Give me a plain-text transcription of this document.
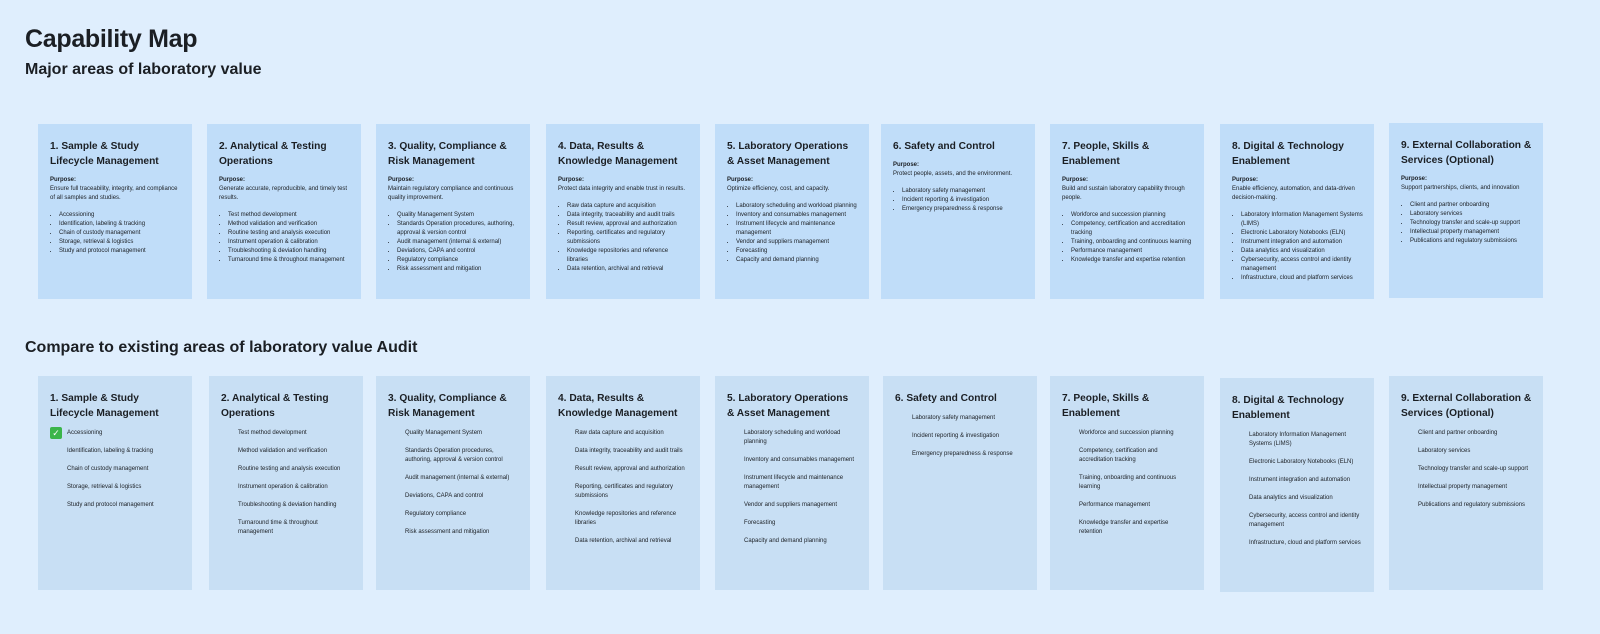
Capability Map
Major areas of laboratory value
Compare to existing areas of laboratory value Audit
1. Sample & Study Lifecycle Management
Purpose:
Ensure full traceability, integrity, and compliance of all samples and studies.
• Accessioning
• Identification, labeling & tracking
• Chain of custody management
• Storage, retrieval & logistics
• Study and protocol management
2. Analytical & Testing Operations
Purpose:
Generate accurate, reproducible, and timely test results.
• Test method development
• Method validation and verification
• Routine testing and analysis execution
• Instrument operation & calibration
• Troubleshooting & deviation handling
• Turnaround time & throughout management
3. Quality, Compliance & Risk Management
Purpose:
Maintain regulatory compliance and continuous quality improvement.
• Quality Management System
• Standards Operation procedures, authoring, approval & version control
• Audit management (internal & external)
• Deviations, CAPA and control
• Regulatory compliance
• Risk assessment and mitigation
4. Data, Results & Knowledge Management
Purpose:
Protect data integrity and enable trust in results.
• Raw data capture and acquisition
• Data integrity, traceability and audit trails
• Result review, approval and authorization
• Reporting, certificates and regulatory submissions
• Knowledge repositories and reference libraries
• Data retention, archival and retrieval
5. Laboratory Operations & Asset Management
Purpose:
Optimize efficiency, cost, and capacity.
• Laboratory scheduling and workload planning
• Inventory and consumables management
• Instrument lifecycle and maintenance management
• Vendor and suppliers management
• Forecasting
• Capacity and demand planning
6. Safety and Control
Purpose:
Protect people, assets, and the environment.
• Laboratory safety management
• Incident reporting & investigation
• Emergency preparedness & response
7. People, Skills & Enablement
Purpose:
Build and sustain laboratory capability through people.
• Workforce and succession planning
• Competency, certification and accreditation tracking
• Training, onboarding and continuous learning
• Performance management
• Knowledge transfer and expertise retention
8. Digital & Technology Enablement
Purpose:
Enable efficiency, automation, and data-driven decision-making.
• Laboratory Information Management Systems (LIMS)
• Electronic Laboratory Notebooks (ELN)
• Instrument integration and automation
• Data analytics and visualization
• Cybersecurity, access control and identity management
• Infrastructure, cloud and platform services
9. External Collaboration & Services (Optional)
Purpose:
Support partnerships, clients, and innovation
• Client and partner onboarding
• Laboratory services
• Technology transfer and scale-up support
• Intellectual property management
• Publications and regulatory submissions
1. Sample & Study Lifecycle Management
✓	Accessioning
Identification, labeling & tracking
Chain of custody management
Storage, retrieval & logistics
Study and protocol management
2. Analytical & Testing Operations
Test method development
Method validation and verification
Routine testing and analysis execution
Instrument operation & calibration
Troubleshooting & deviation handling
Turnaround time & throughout management
3. Quality, Compliance & Risk Management
Quality Management System
Standards Operation procedures, authoring, approval & version control
Audit management (internal & external)
Deviations, CAPA and control
Regulatory compliance
Risk assessment and mitigation
4. Data, Results & Knowledge Management
Raw data capture and acquisition
Data integrity, traceability and audit trails
Result review, approval and authorization
Reporting, certificates and regulatory submissions
Knowledge repositories and reference libraries
Data retention, archival and retrieval
5. Laboratory Operations & Asset Management
Laboratory scheduling and workload planning
Inventory and consumables management
Instrument lifecycle and maintenance management
Vendor and suppliers management
Forecasting
Capacity and demand planning
6. Safety and Control
Laboratory safety management
Incident reporting & investigation
Emergency preparedness & response
7. People, Skills & Enablement
Workforce and succession planning
Competency, certification and accreditation tracking
Training, onboarding and continuous learning
Performance management
Knowledge transfer and expertise retention
8. Digital & Technology Enablement
Laboratory Information Management Systems (LIMS)
Electronic Laboratory Notebooks (ELN)
Instrument integration and automation
Data analytics and visualization
Cybersecurity, access control and identity management
Infrastructure, cloud and platform services
9. External Collaboration & Services (Optional)
Client and partner onboarding
Laboratory services
Technology transfer and scale-up support
Intellectual property management
Publications and regulatory submissions
